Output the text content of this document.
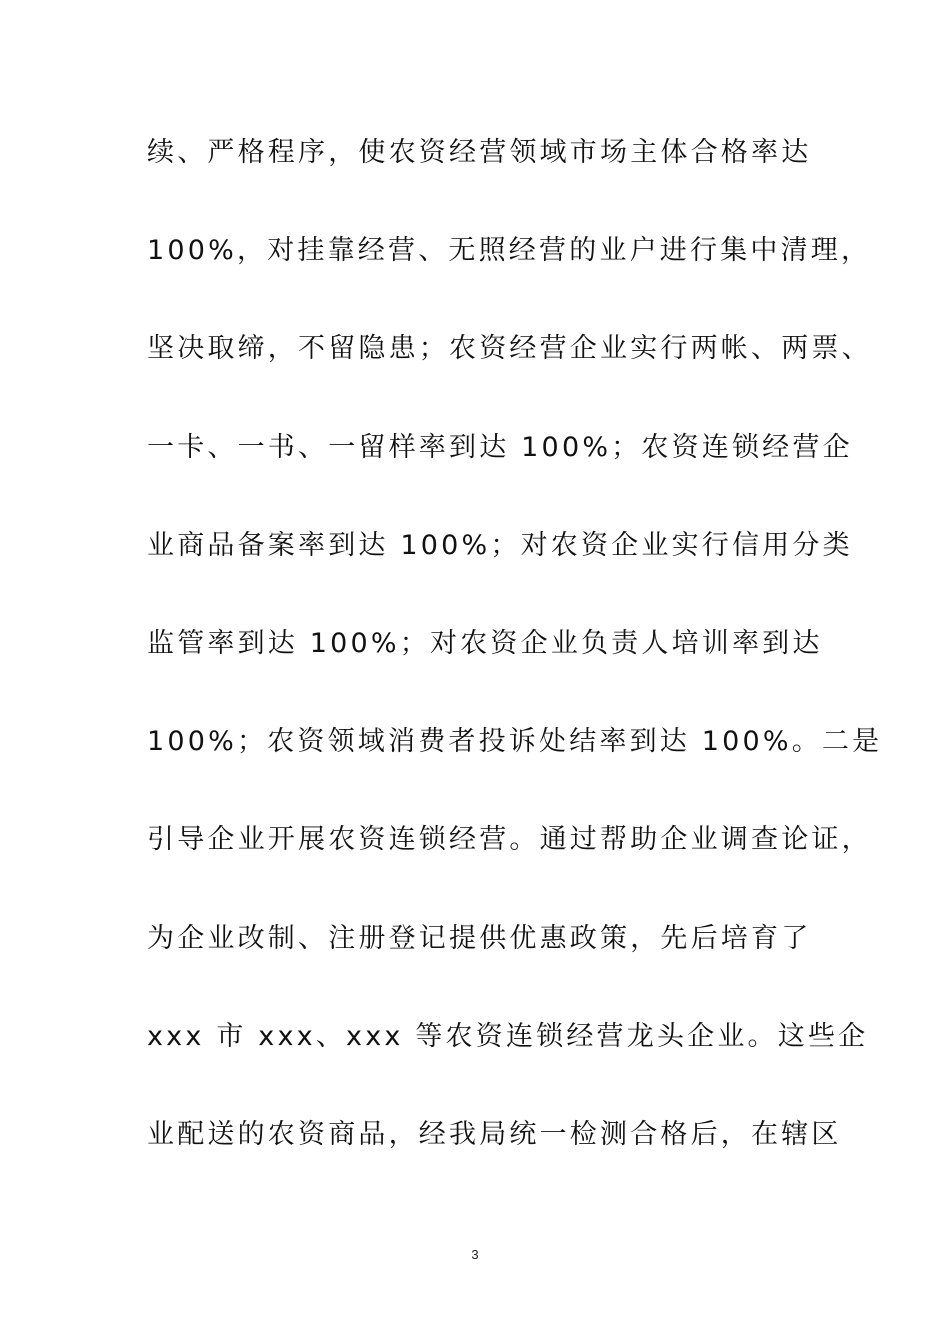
续、严格程序，使农资经营领域市场主体合格率达
100%，对挂靠经营、无照经营的业户进行集中清理，
坚决取缔，不留隐患；农资经营企业实行两帐、两票、
一卡、一书、一留样率到达 100%；农资连锁经营企
业商品备案率到达 100%；对农资企业实行信用分类
监管率到达 100%；对农资企业负责人培训率到达
100%；农资领域消费者投诉处结率到达 100%。二是
引导企业开展农资连锁经营。通过帮助企业调查论证，
为企业改制、注册登记提供优惠政策，先后培育了
xxx 市 xxx、xxx 等农资连锁经营龙头企业。这些企
业配送的农资商品，经我局统一检测合格后，在辖区
3
